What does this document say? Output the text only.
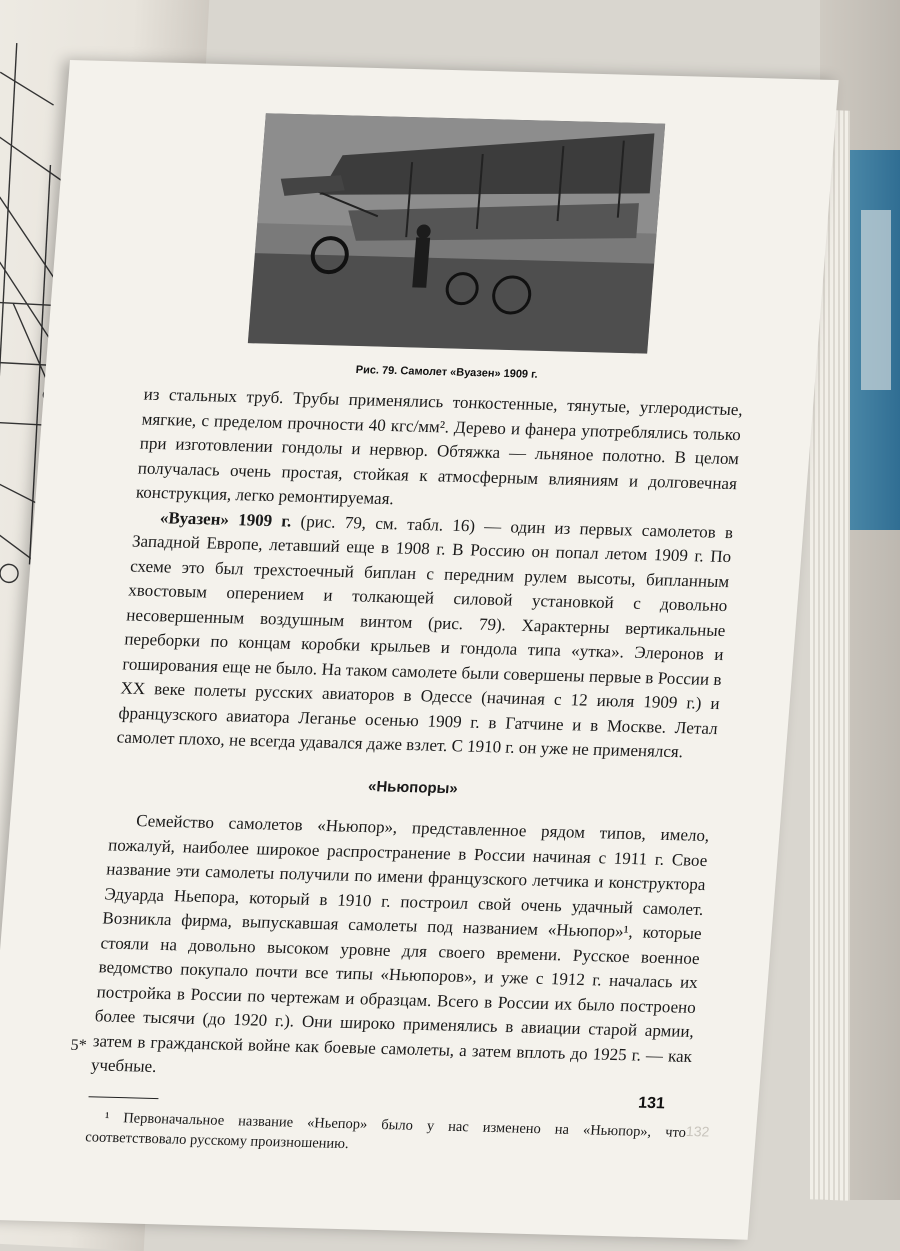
Рис. 79. Самолет «Вуазен» 1909 г.

из стальных труб. Трубы применялись тонкостенные, тянутые, углеродистые, мягкие, с пределом прочности 40 кгс/мм². Дерево и фанера употреблялись только при изготовлении гондолы и нервюр. Обтяжка — льняное полотно. В целом получалась очень простая, стойкая к атмосферным влияниям и долговечная конструкция, легко ремонтируемая.

«Вуазен» 1909 г. (рис. 79, см. табл. 16) — один из первых самолетов в Западной Европе, летавший еще в 1908 г. В Россию он попал летом 1909 г. По схеме это был трехстоечный биплан с передним рулем высоты, бипланным хвостовым оперением и толкающей силовой установкой с довольно несовершенным воздушным винтом (рис. 79). Характерны вертикальные переборки по концам коробки крыльев и гондола типа «утка». Элеронов и гоширования еще не было. На таком самолете были совершены первые в России в XX веке полеты русских авиаторов в Одессе (начиная с 12 июля 1909 г.) и французского авиатора Леганье осенью 1909 г. в Гатчине и в Москве. Летал самолет плохо, не всегда удавался даже взлет. С 1910 г. он уже не применялся.

«Ньюпоры»

Семейство самолетов «Ньюпор», представленное рядом типов, имело, пожалуй, наиболее широкое распространение в России начиная с 1911 г. Свое название эти самолеты получили по имени французского летчика и конструктора Эдуарда Ньепора, который в 1910 г. построил свой очень удачный самолет. Возникла фирма, выпускавшая самолеты под названием «Ньюпор»¹, которые стояли на довольно высоком уровне для своего времени. Русское военное ведомство покупало почти все типы «Ньюпоров», и уже с 1912 г. началась их постройка в России по чертежам и образцам. Всего в России их было построено более тысячи (до 1920 г.). Они широко применялись в авиации старой армии, затем в гражданской войне как боевые самолеты, а затем вплоть до 1925 г. — как учебные.

¹ Первоначальное название «Ньепор» было у нас изменено на «Ньюпор», что соответствовало русскому произношению.

5*
131
132
